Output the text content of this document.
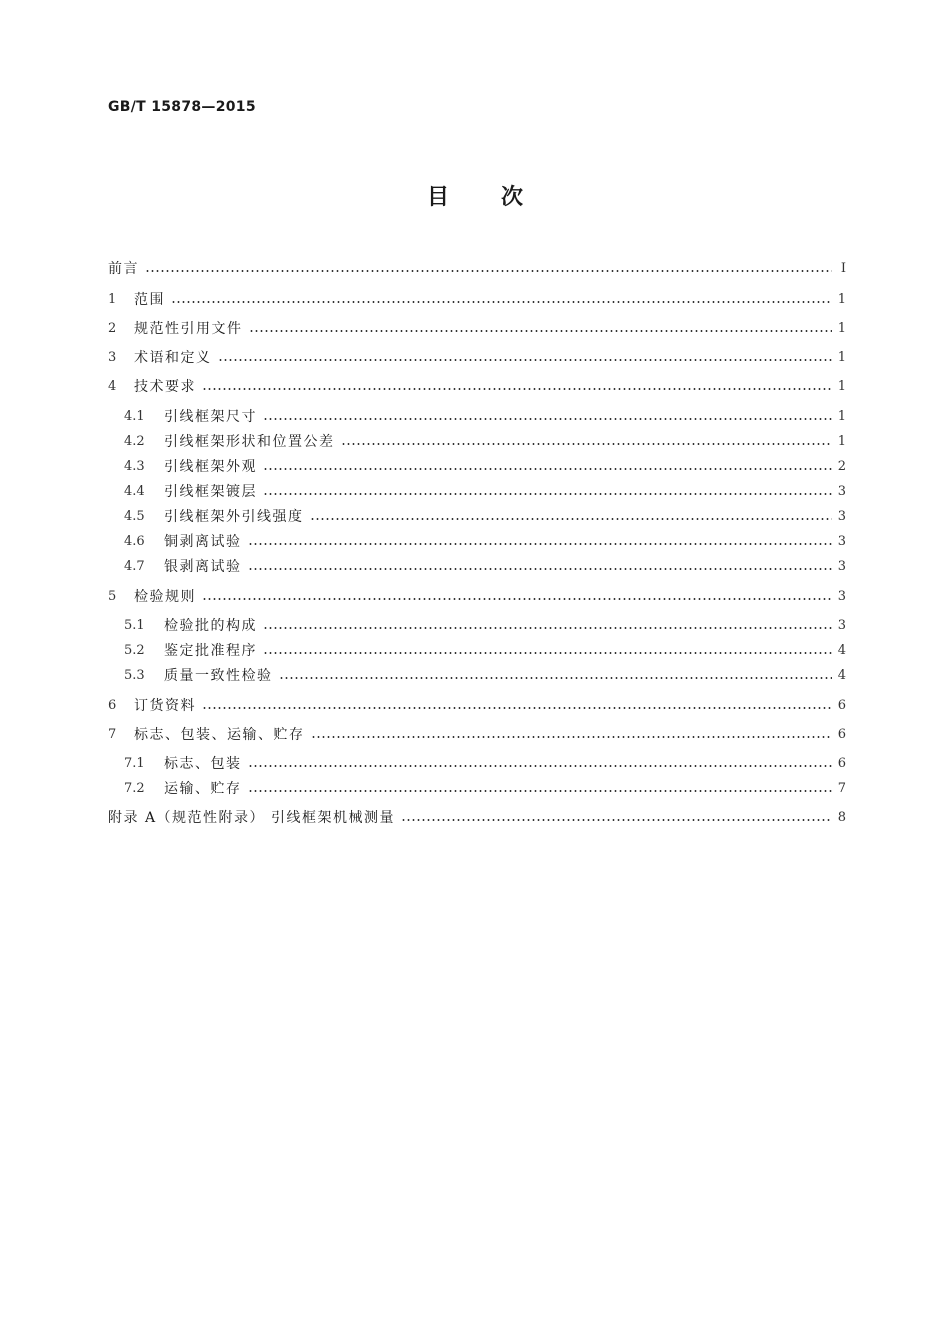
GB/T 15878—2015
目 次
前言	Ⅰ
1	范围	1
2	规范性引用文件	1
3	术语和定义	1
4	技术要求	1
4.1	引线框架尺寸	1
4.2	引线框架形状和位置公差	1
4.3	引线框架外观	2
4.4	引线框架镀层	3
4.5	引线框架外引线强度	3
4.6	铜剥离试验	3
4.7	银剥离试验	3
5	检验规则	3
5.1	检验批的构成	3
5.2	鉴定批准程序	4
5.3	质量一致性检验	4
6	订货资料	6
7	标志、包装、运输、贮存	6
7.1	标志、包装	6
7.2	运输、贮存	7
附录 A（规范性附录） 引线框架机械测量	8
